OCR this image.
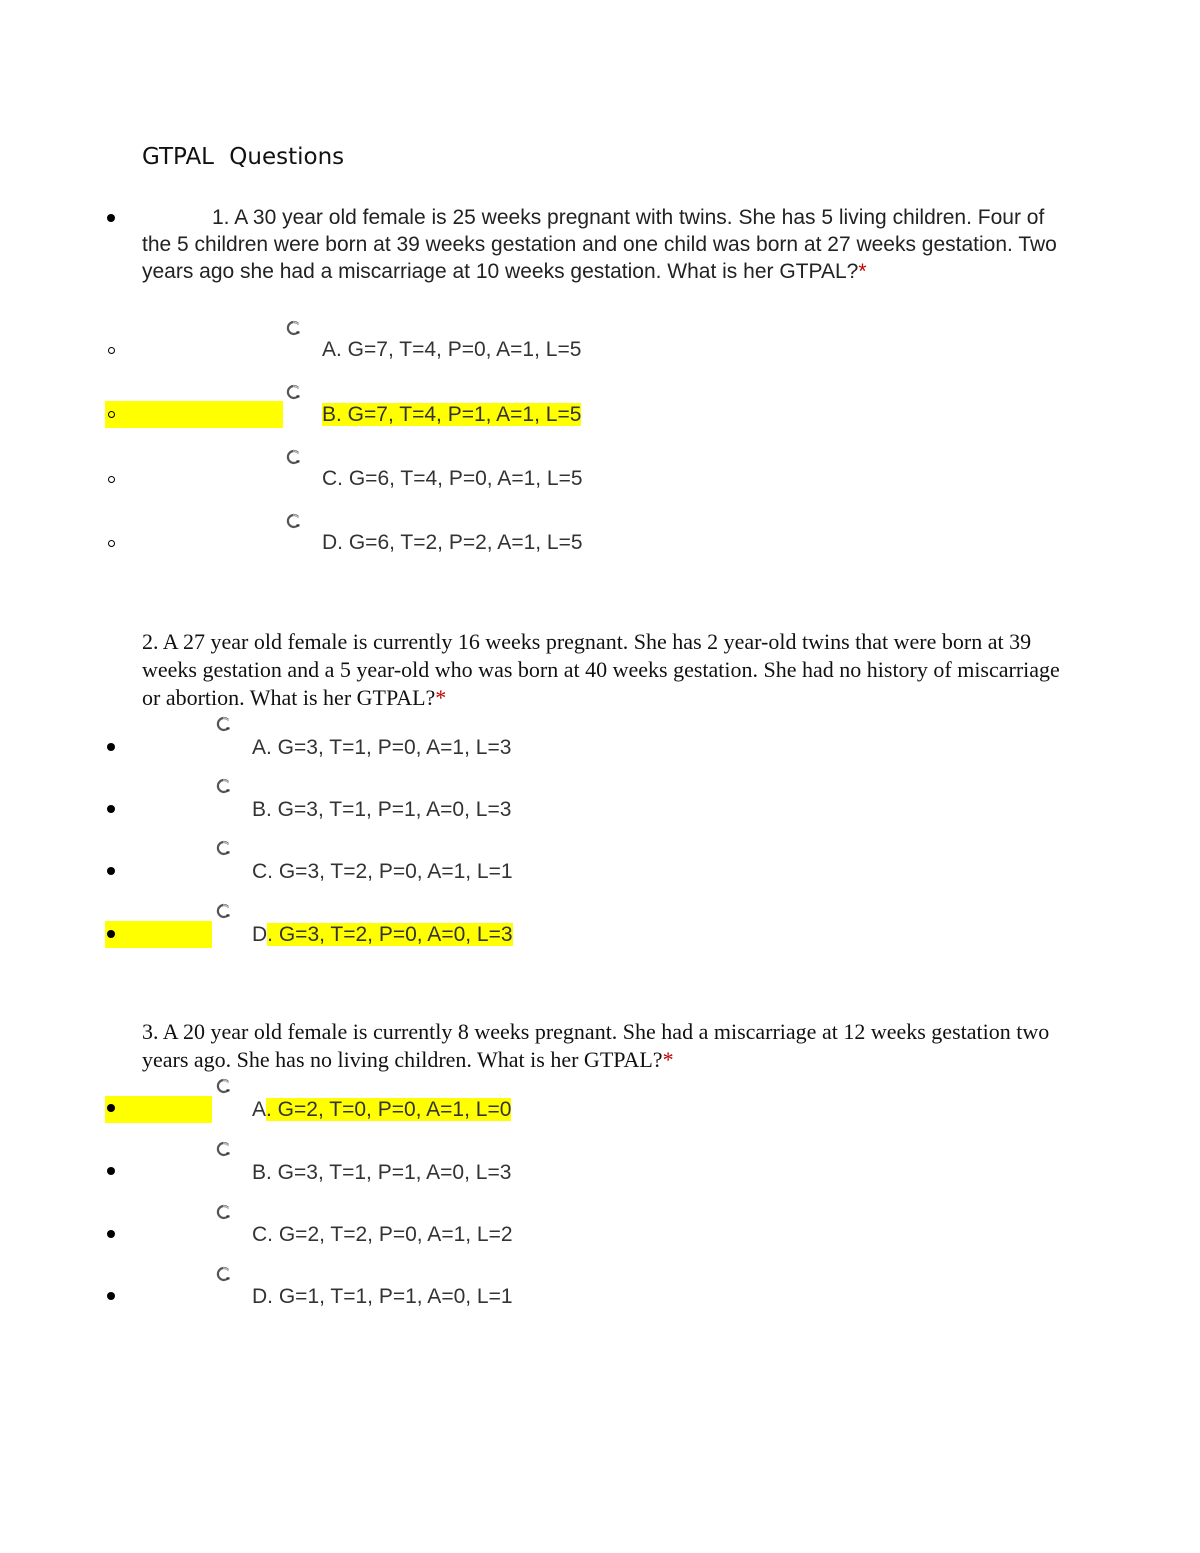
GTPAL Questions
1. A 30 year old female is 25 weeks pregnant with twins. She has 5 living children. Four of the 5 children were born at 39 weeks gestation and one child was born at 27 weeks gestation. Two years ago she had a miscarriage at 10 weeks gestation. What is her GTPAL?*
A. G=7, T=4, P=0, A=1, L=5
B. G=7, T=4, P=1, A=1, L=5
C. G=6, T=4, P=0, A=1, L=5
D. G=6, T=2, P=2, A=1, L=5
2. A 27 year old female is currently 16 weeks pregnant. She has 2 year-old twins that were born at 39 weeks gestation and a 5 year-old who was born at 40 weeks gestation. She had no history of miscarriage or abortion. What is her GTPAL?*
A. G=3, T=1, P=0, A=1, L=3
B. G=3, T=1, P=1, A=0, L=3
C. G=3, T=2, P=0, A=1, L=1
D. G=3, T=2, P=0, A=0, L=3
3. A 20 year old female is currently 8 weeks pregnant. She had a miscarriage at 12 weeks gestation two years ago. She has no living children. What is her GTPAL?*
A. G=2, T=0, P=0, A=1, L=0
B. G=3, T=1, P=1, A=0, L=3
C. G=2, T=2, P=0, A=1, L=2
D. G=1, T=1, P=1, A=0, L=1
